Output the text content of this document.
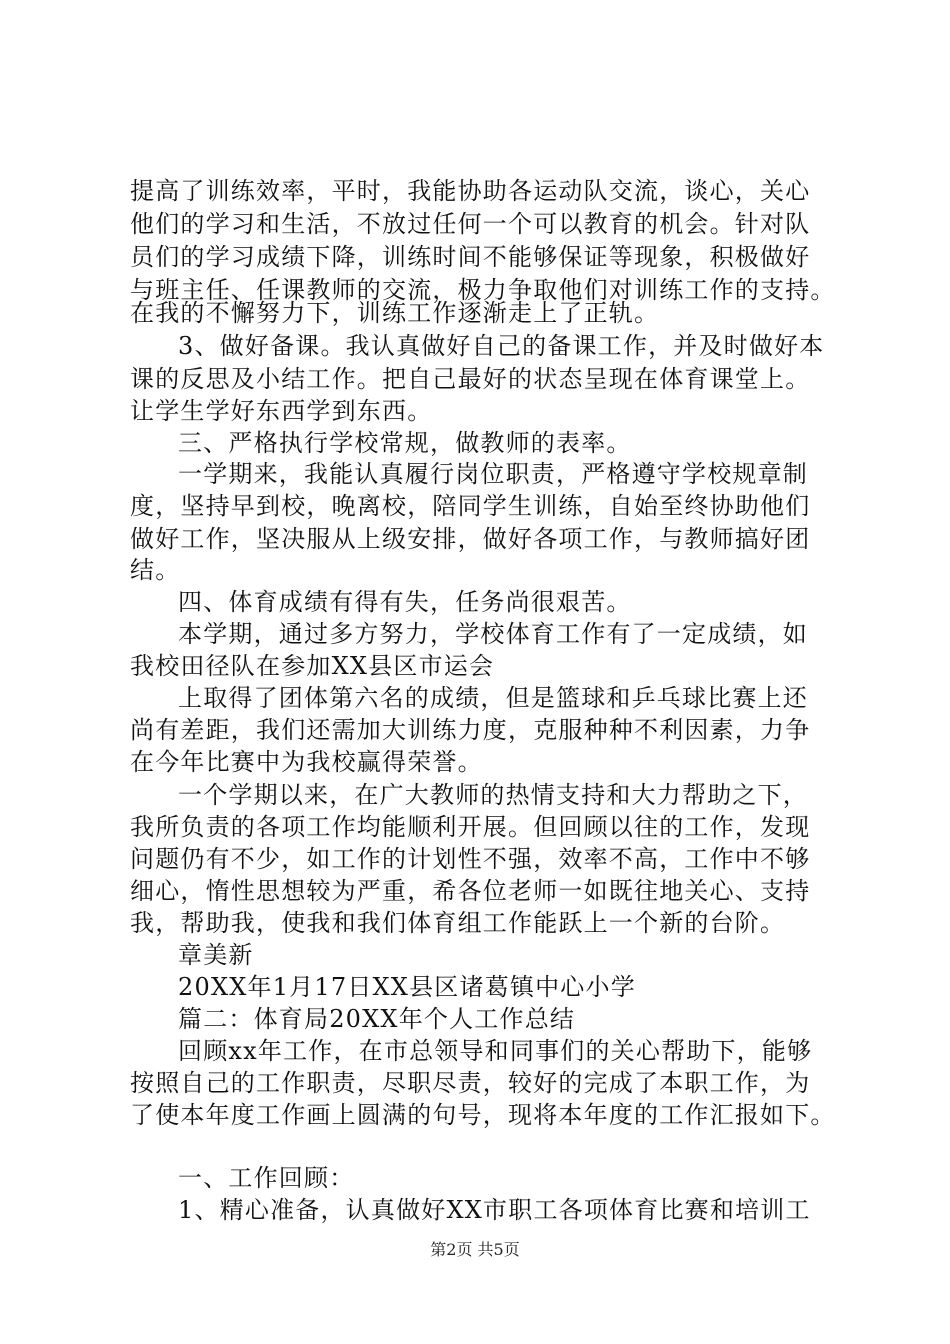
提高了训练效率，平时，我能协助各运动队交流，谈心，关心
他们的学习和生活，不放过任何一个可以教育的机会。针对队
员们的学习成绩下降，训练时间不能够保证等现象，积极做好
与班主任、任课教师的交流，极力争取他们对训练工作的支持。
在我的不懈努力下，训练工作逐渐走上了正轨。
3、做好备课。我认真做好自己的备课工作，并及时做好本
课的反思及小结工作。把自己最好的状态呈现在体育课堂上。
让学生学好东西学到东西。
三、严格执行学校常规，做教师的表率。
一学期来，我能认真履行岗位职责，严格遵守学校规章制
度，坚持早到校，晚离校，陪同学生训练，自始至终协助他们
做好工作，坚决服从上级安排，做好各项工作，与教师搞好团
结。
四、体育成绩有得有失，任务尚很艰苦。
本学期，通过多方努力，学校体育工作有了一定成绩，如
我校田径队在参加XX县区市运会
上取得了团体第六名的成绩，但是篮球和乒乓球比赛上还
尚有差距，我们还需加大训练力度，克服种种不利因素，力争
在今年比赛中为我校赢得荣誉。
一个学期以来，在广大教师的热情支持和大力帮助之下，
我所负责的各项工作均能顺利开展。但回顾以往的工作，发现
问题仍有不少，如工作的计划性不强，效率不高，工作中不够
细心，惰性思想较为严重，希各位老师一如既往地关心、支持
我，帮助我，使我和我们体育组工作能跃上一个新的台阶。
章美新
20XX年1月17日XX县区诸葛镇中心小学
篇二：体育局20XX年个人工作总结
回顾xx年工作，在市总领导和同事们的关心帮助下，能够
按照自己的工作职责，尽职尽责，较好的完成了本职工作，为
了使本年度工作画上圆满的句号，现将本年度的工作汇报如下。
一、工作回顾：
1、精心准备，认真做好XX市职工各项体育比赛和培训工
第2页 共5页
